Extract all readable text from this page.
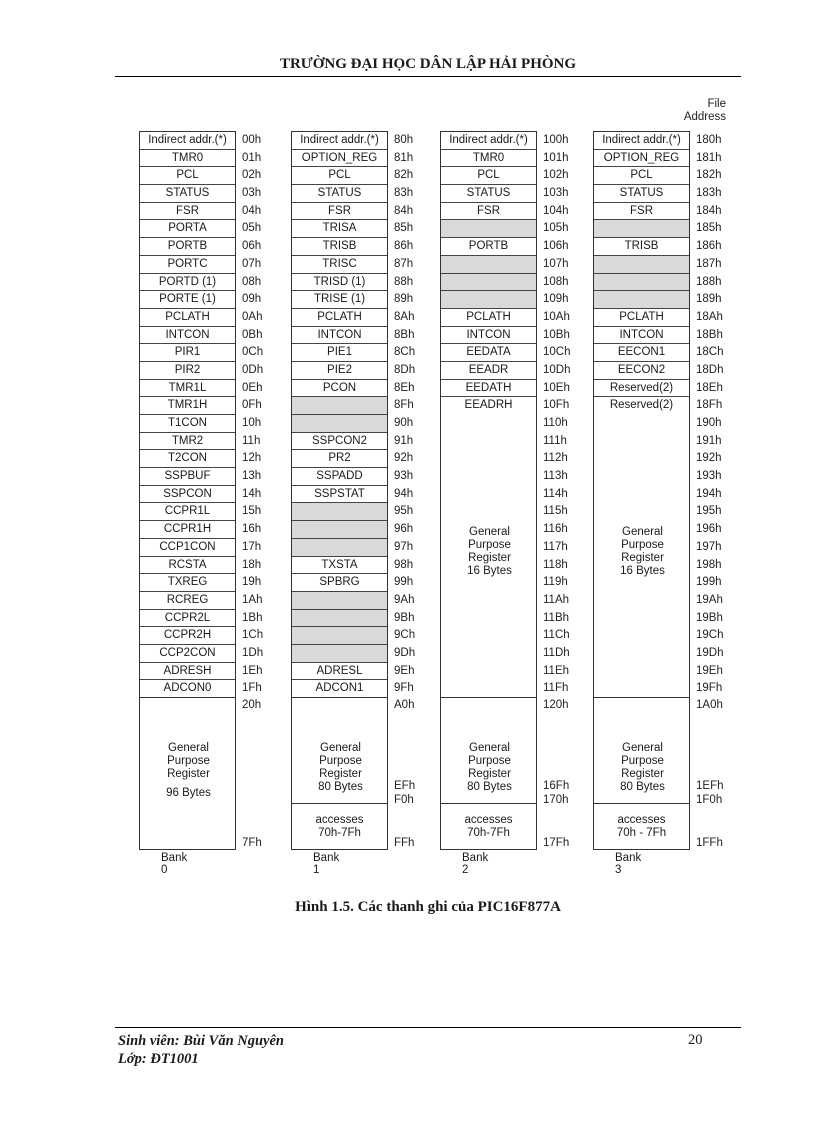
TRƯỜNG ĐẠI HỌC DÂN LẬP HẢI PHÒNG
File
Address
Indirect addr.(*)
TMR0
PCL
STATUS
FSR
PORTA
PORTB
PORTC
PORTD (1)
PORTE (1)
PCLATH
INTCON
PIR1
PIR2
TMR1L
TMR1H
T1CON
TMR2
T2CON
SSPBUF
SSPCON
CCPR1L
CCPR1H
CCP1CON
RCSTA
TXREG
RCREG
CCPR2L
CCPR2H
CCP2CON
ADRESH
ADCON0
00h
01h
02h
03h
04h
05h
06h
07h
08h
09h
0Ah
0Bh
0Ch
0Dh
0Eh
0Fh
10h
11h
12h
13h
14h
15h
16h
17h
18h
19h
1Ah
1Bh
1Ch
1Dh
1Eh
1Fh
General
Purpose
Register
96 Bytes
20h
7Fh
Bank 0
Indirect addr.(*)
OPTION_REG
PCL
STATUS
FSR
TRISA
TRISB
TRISC
TRISD (1)
TRISE (1)
PCLATH
INTCON
PIE1
PIE2
PCON
SSPCON2
PR2
SSPADD
SSPSTAT
TXSTA
SPBRG
ADRESL
ADCON1
80h
81h
82h
83h
84h
85h
86h
87h
88h
89h
8Ah
8Bh
8Ch
8Dh
8Eh
8Fh
90h
91h
92h
93h
94h
95h
96h
97h
98h
99h
9Ah
9Bh
9Ch
9Dh
9Eh
9Fh
General
Purpose
Register
80 Bytes
accesses
70h-7Fh
A0h
EFh
F0h
FFh
Bank 1
Indirect addr.(*)
TMR0
PCL
STATUS
FSR
PORTB
PCLATH
INTCON
EEDATA
EEADR
EEDATH
EEADRH
General
Purpose
Register
16 Bytes
100h
101h
102h
103h
104h
105h
106h
107h
108h
109h
10Ah
10Bh
10Ch
10Dh
10Eh
10Fh
110h
111h
112h
113h
114h
115h
116h
117h
118h
119h
11Ah
11Bh
11Ch
11Dh
11Eh
11Fh
General
Purpose
Register
80 Bytes
accesses
70h-7Fh
120h
16Fh
170h
17Fh
Bank 2
Indirect addr.(*)
OPTION_REG
PCL
STATUS
FSR
TRISB
PCLATH
INTCON
EECON1
EECON2
Reserved(2)
Reserved(2)
General
Purpose
Register
16 Bytes
180h
181h
182h
183h
184h
185h
186h
187h
188h
189h
18Ah
18Bh
18Ch
18Dh
18Eh
18Fh
190h
191h
192h
193h
194h
195h
196h
197h
198h
199h
19Ah
19Bh
19Ch
19Dh
19Eh
19Fh
General
Purpose
Register
80 Bytes
accesses
70h - 7Fh
1A0h
1EFh
1F0h
1FFh
Bank 3
Hình 1.5. Các thanh ghi của PIC16F877A
Sinh viên: Bùi Văn Nguyên
Lớp: ĐT1001
20
